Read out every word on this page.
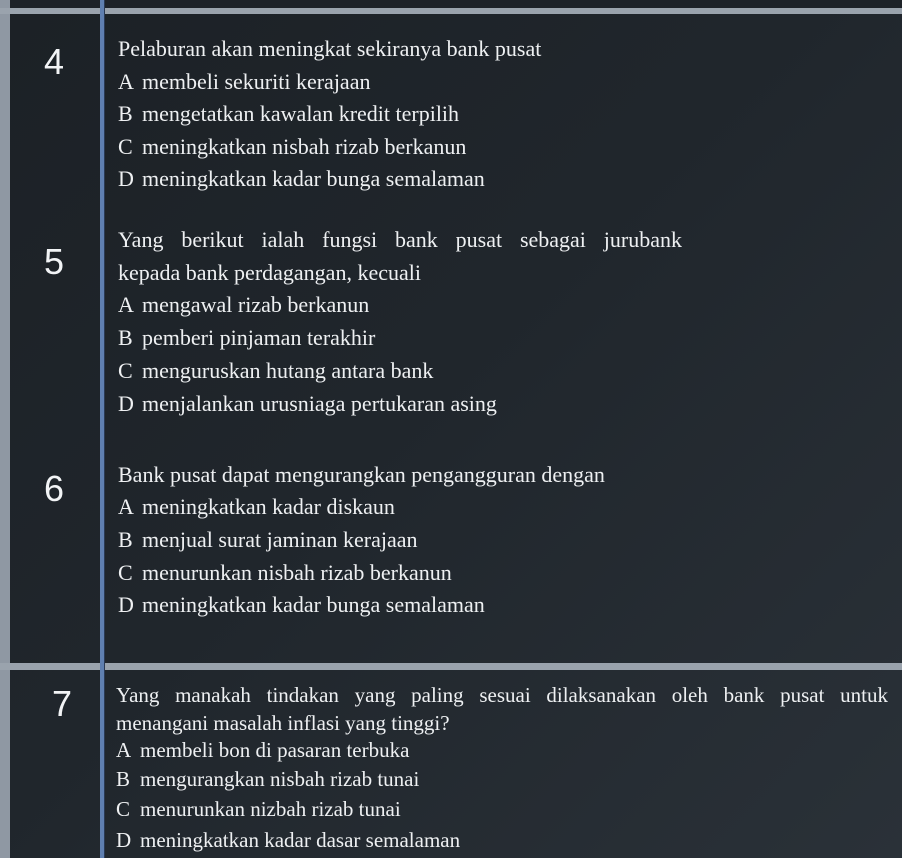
4 Pelaburan akan meningkat sekiranya bank pusat
A membeli sekuriti kerajaan
B mengetatkan kawalan kredit terpilih
C meningkatkan nisbah rizab berkanun
D meningkatkan kadar bunga semalaman
5
Yang berikut ialah fungsi bank pusat sebagai jurubank
kepada bank perdagangan, kecuali
A mengawal rizab berkanun
B pemberi pinjaman terakhir
C menguruskan hutang antara bank
D menjalankan urusniaga pertukaran asing
6 Bank pusat dapat mengurangkan pengangguran dengan
A meningkatkan kadar diskaun
B menjual surat jaminan kerajaan
C menurunkan nisbah rizab berkanun
D meningkatkan kadar bunga semalaman
7 Yang manakah tindakan yang paling sesuai dilaksanakan oleh bank pusat untuk
menangani masalah inflasi yang tinggi?
A membeli bon di pasaran terbuka
B mengurangkan nisbah rizab tunai
C menurunkan nizbah rizab tunai
D meningkatkan kadar dasar semalaman
